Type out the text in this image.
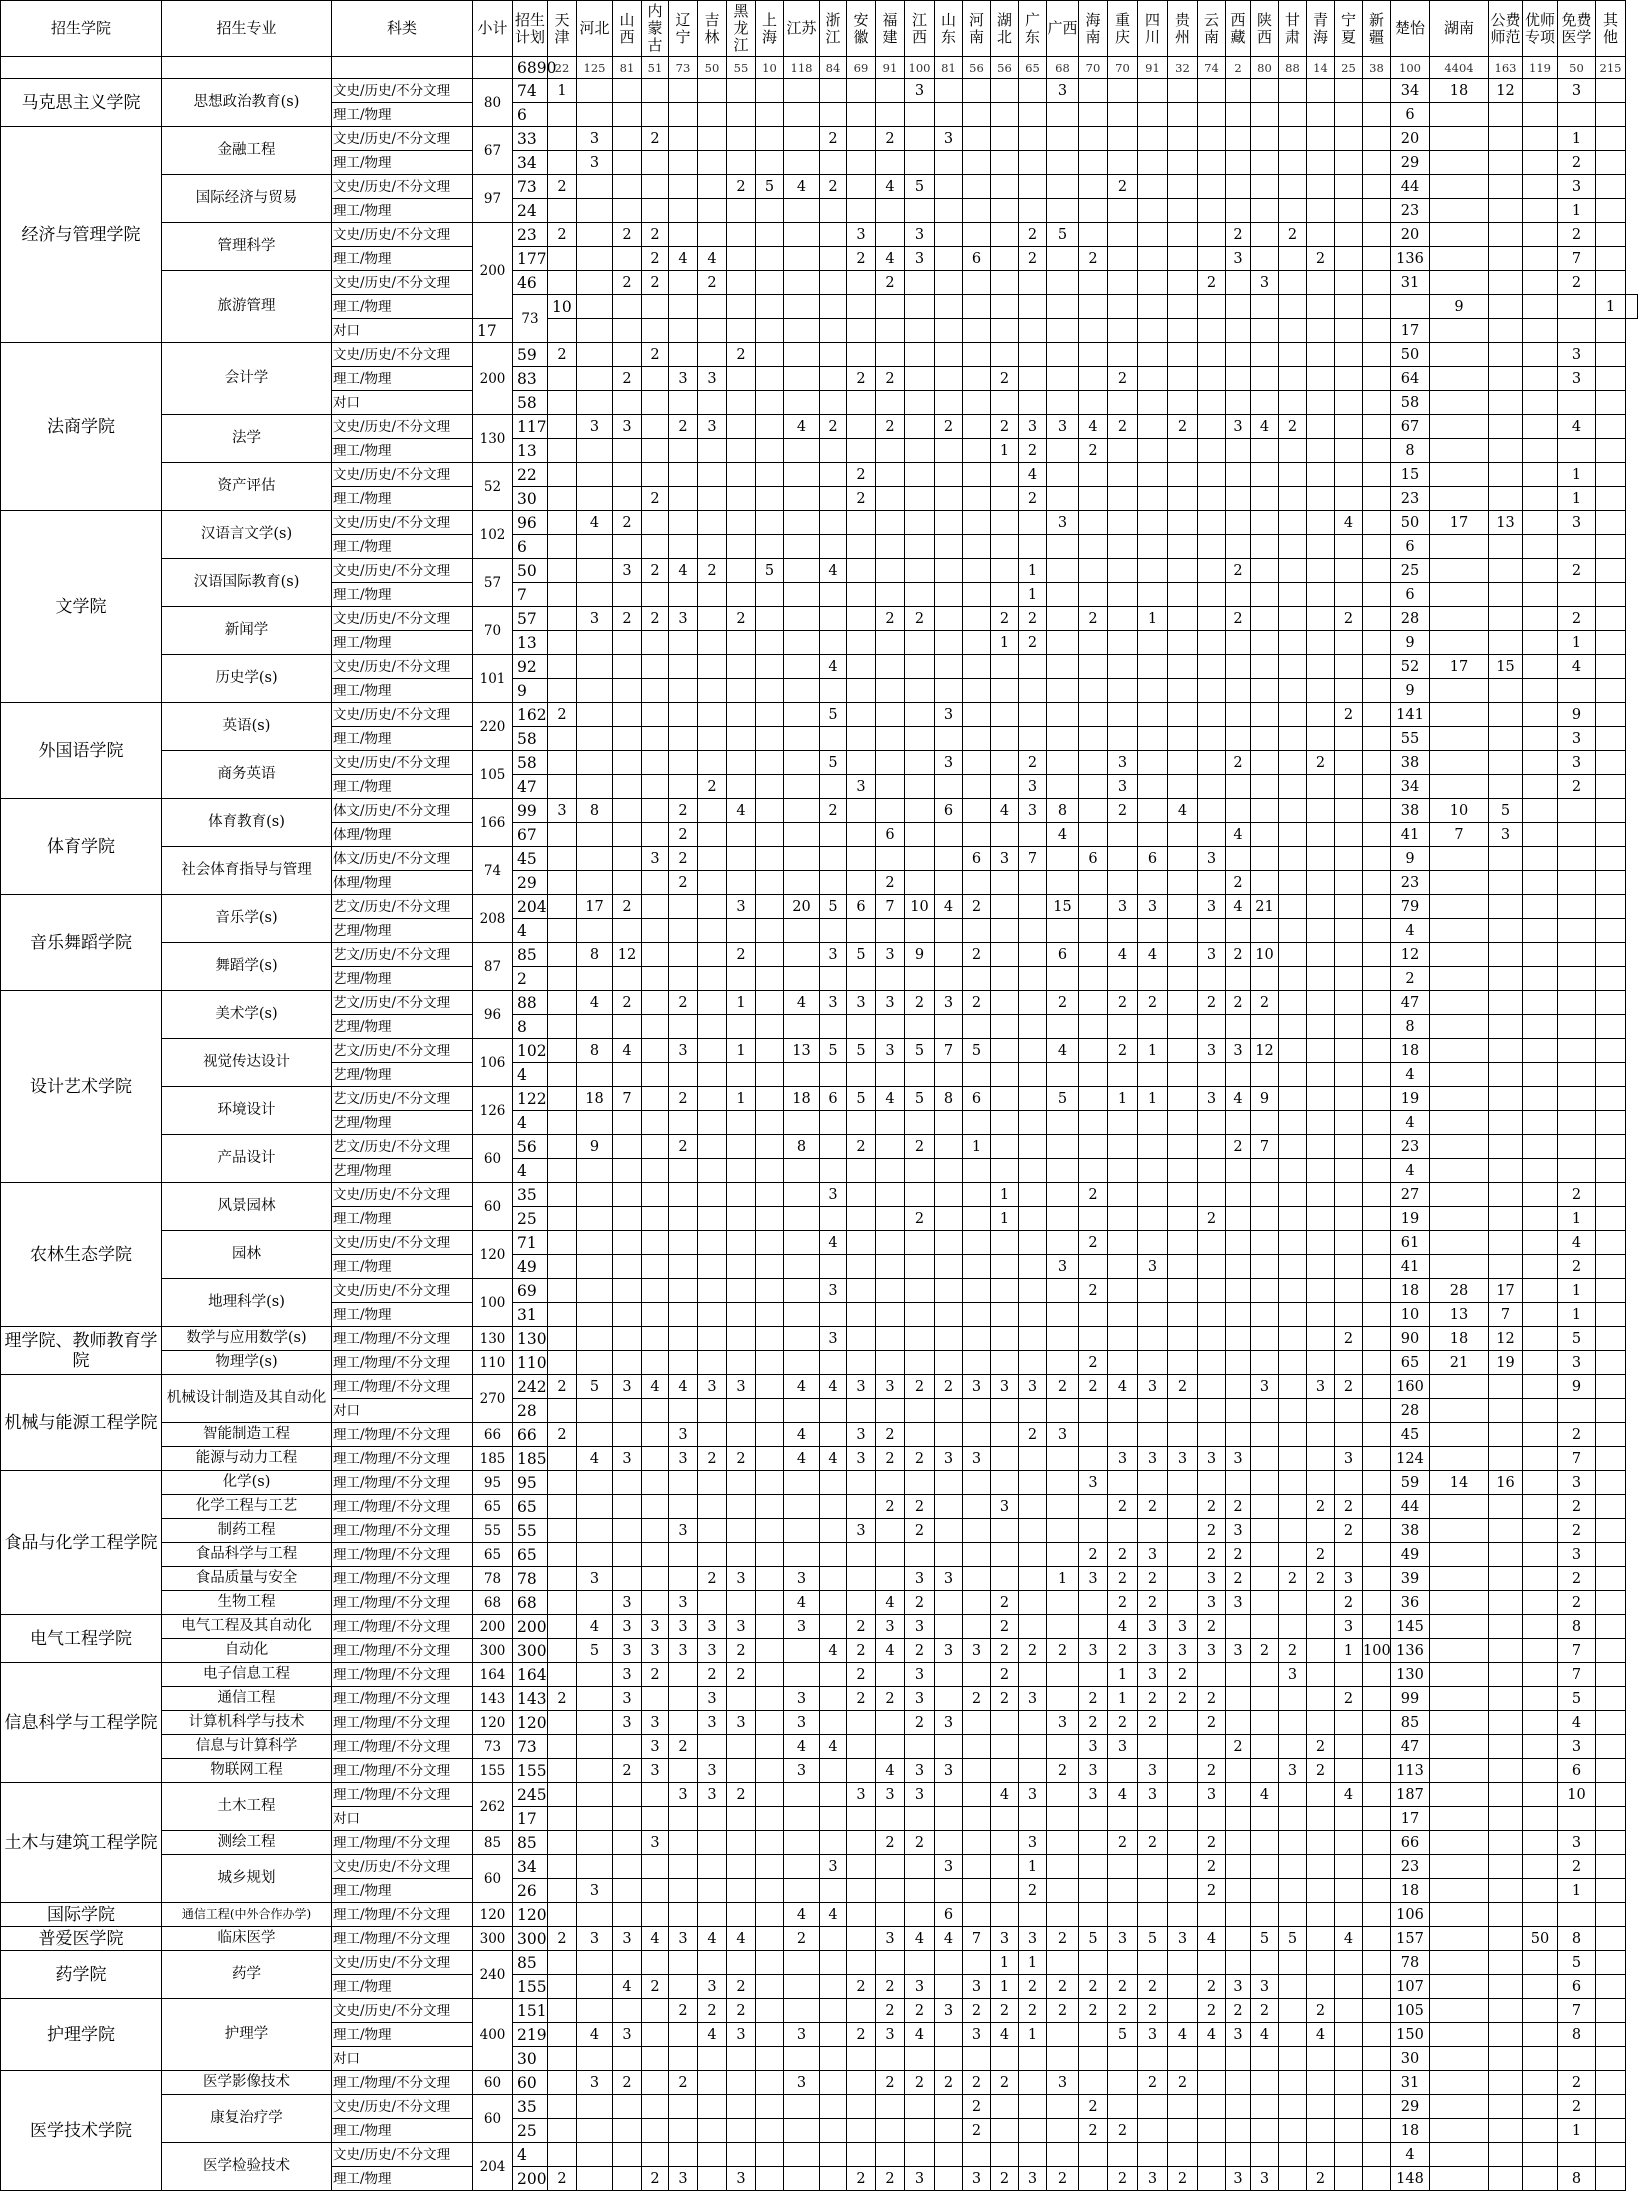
招生学院	招生专业	科类	小计	招生计划	天津	河北	山西	内蒙古	辽宁	吉林	黑龙江	上海	江苏	浙江	安徽	福建	江西	山东	河南	湖北	广东	广西	海南	重庆	四川	贵州	云南	西藏	陕西	甘肃	青海	宁夏	新疆	楚怡	湖南	公费师范	优师专项	免费医学	其他	
				6890	22	125	81	51	73	50	55	10	118	84	69	91	100	81	56	56	65	68	70	70	91	32	74	2	80	88	14	25	38	100	4404	163	119	50	215	
马克思主义学院	思想政治教育(s)	文史/历史/不分文理	80	74	1												3					3												34	18	12		3		
		理工/物理		6																														6						
经济与管理学院	金融工程	文史/历史/不分文理	67	33		3		2						2		2		3																20				1		
		理工/物理		34		3																												29				2		
	国际经济与贸易	文史/历史/不分文理	97	73	2						2	5	4	2		4	5							2										44				3		
		理工/物理		24																														23				1		
	管理科学	文史/历史/不分文理	200	23	2		2	2							3		3				2	5						2		2				20				2		
		理工/物理		177				2	4	4					2	4	3		6		2		2					3			2			136				7		
	旅游管理	文史/历史/不分文理		46			2	2		2						2											2		3					31				2		
		理工/物理		73	10																														9				1	
		对口	17																															17						
法商学院	会计学	文史/历史/不分文理	200	59	2			2			2																							50				3		
		理工/物理		83			2		3	3					2	2				2				2										64				3		
		对口		58																														58						
	法学	文史/历史/不分文理	130	117		3	3		2	3			4	2		2		2		2	3	3	4	2		2		3	4	2				67				4		
		理工/物理		13																1	2		2											8						
	资产评估	文史/历史/不分文理	52	22											2						4													15				1		
		理工/物理		30				2							2						2													23				1		
文学院	汉语言文学(s)	文史/历史/不分文理	102	96		4	2															3										4		50	17	13		3		
		理工/物理		6																														6						
	汉语国际教育(s)	文史/历史/不分文理	57	50			3	2	4	2		5		4							1							2						25				2		
		理工/物理		7																	1													6						
	新闻学	文史/历史/不分文理	70	57		3	2	2	3		2					2	2			2	2		2		1			2				2		28				2		
		理工/物理		13																1	2													9				1		
	历史学(s)	文史/历史/不分文理	101	92										4																				52	17	15		4		
		理工/物理		9																														9						
外国语学院	英语(s)	文史/历史/不分文理	220	162	2									5				3														2		141				9		
		理工/物理		58																														55				3		
	商务英语	文史/历史/不分文理	105	58										5				3			2			3				2			2			38				3		
		理工/物理		47						2					3						3			3										34				2		
体育学院	体育教育(s)	体文/历史/不分文理	166	99	3	8			2		4			2				6		4	3	8		2		4								38	10	5				
		体理/物理		67					2							6						4						4						41	7	3				
	社会体育指导与管理	体文/历史/不分文理	74	45				3	2										6	3	7		6		6		3							9						
		体理/物理		29					2							2												2						23						
音乐舞蹈学院	音乐学(s)	艺文/历史/不分文理	208	204		17	2				3		20	5	6	7	10	4	2			15		3	3		3	4	21					79						
		艺理/物理		4																														4						
	舞蹈学(s)	艺文/历史/不分文理	87	85		8	12				2			3	5	3	9		2			6		4	4		3	2	10					12						
		艺理/物理		2																														2						
设计艺术学院	美术学(s)	艺文/历史/不分文理	96	88		4	2		2		1		4	3	3	3	2	3	2			2		2	2		2	2	2					47						
		艺理/物理		8																														8						
	视觉传达设计	艺文/历史/不分文理	106	102		8	4		3		1		13	5	5	3	5	7	5			4		2	1		3	3	12					18						
		艺理/物理		4																														4						
	环境设计	艺文/历史/不分文理	126	122		18	7		2		1		18	6	5	4	5	8	6			5		1	1		3	4	9					19						
		艺理/物理		4																														4						
	产品设计	艺文/历史/不分文理	60	56		9			2				8		2		2		1									2	7					23						
		艺理/物理		4																														4						
农林生态学院	风景园林	文史/历史/不分文理	60	35										3						1			2											27				2		
		理工/物理		25													2			1							2							19				1		
	园林	文史/历史/不分文理	120	71										4									2											61				4		
		理工/物理		49																		3			3									41				2		
	地理科学(s)	文史/历史/不分文理	100	69										3									2											18	28	17		1		
		理工/物理		31																														10	13	7		1		
理学院、教师教育学院	数学与应用数学(s)	理工/物理/不分文理	130	130										3																		2		90	18	12		5		
	物理学(s)	理工/物理/不分文理	110	110																			2											65	21	19		3		
机械与能源工程学院	机械设计制造及其自动化	理工/物理/不分文理	270	242	2	5	3	4	4	3	3		4	4	3	3	2	2	3	3	3	2	2	4	3	2			3		3	2		160				9		
		对口		28																														28						
	智能制造工程	理工/物理/不分文理	66	66	2				3				4		3	2					2	3												45				2		
	能源与动力工程	理工/物理/不分文理	185	185		4	3		3	2	2		4	4	3	2	2	3	3					3	3	3	3	3				3		124				7		
食品与化学工程学院	化学(s)	理工/物理/不分文理	95	95																			3											59	14	16		3		
	化学工程与工艺	理工/物理/不分文理	65	65												2	2			3				2	2		2	2			2	2		44				2		
	制药工程	理工/物理/不分文理	55	55					3						3		2										2	3				2		38				2		
	食品科学与工程	理工/物理/不分文理	65	65																			2	2	3		2	2			2			49				3		
	食品质量与安全	理工/物理/不分文理	78	78		3				2	3		3				3	3				1	3	2	2		3	2		2	2	3		39				2		
	生物工程	理工/物理/不分文理	68	68			3		3				4			4	2			2				2	2		3	3				2		36				2		
电气工程学院	电气工程及其自动化	理工/物理/不分文理	200	200		4	3	3	3	3	3		3		2	3	3			2				4	3	3	2					3		145				8		
	自动化	理工/物理/不分文理	300	300		5	3	3	3	3	2			4	2	4	2	3	3	2	2	2	3	2	3	3	3	3	2	2		1	100	136				7		
信息科学与工程学院	电子信息工程	理工/物理/不分文理	164	164			3	2		2	2				2		3			2				1	3	2				3				130				7		
	通信工程	理工/物理/不分文理	143	143	2		3			3			3		2	2	3		2	2	3		2	1	2	2	2					2		99				5		
	计算机科学与技术	理工/物理/不分文理	120	120			3	3		3	3		3				2	3				3	2	2	2		2							85				4		
	信息与计算科学	理工/物理/不分文理	73	73				3	2				4	4									3	3				2			2			47				3		
	物联网工程	理工/物理/不分文理	155	155			2	3		3			3			4	3	3				2	3		3		2			3	2			113				6		
土木与建筑工程学院	土木工程	理工/物理/不分文理	262	245					3	3	2				3	3	3			4	3		3	4	3		3		4			4		187				10		
		对口		17																														17						
	测绘工程	理工/物理/不分文理	85	85				3								2	2				3			2	2		2							66				3		
	城乡规划	文史/历史/不分文理	60	34										3				3			1						2							23				2		
		理工/物理		26		3															2						2							18				1		
国际学院	通信工程(中外合作办学)	理工/物理/不分文理	120	120									4	4				6																106						
普爱医学院	临床医学	理工/物理/不分文理	300	300	2	3	3	4	3	4	4		2			3	4	4	7	3	3	2	5	3	5	3	4		5	5		4		157			50	8		
药学院	药学	文史/历史/不分文理	240	85																1	1													78				5		
		理工/物理		155			4	2		3	2				2	2	3		3	1	2	2	2	2	2		2	3	3					107				6		
护理学院	护理学	文史/历史/不分文理	400	151					2	2	2					2	2	3	2	2	2	2	2	2	2		2	2	2		2			105				7		
		理工/物理		219		4	3			4	3		3		2	3	4		3	4	1			5	3	4	4	3	4		4			150				8		
		对口		30																														30						
医学技术学院	医学影像技术	理工/物理/不分文理	60	60		3	2		2				3			2	2	2	2	2		3			2	2								31				2		
	康复治疗学	文史/历史/不分文理	60	35															2				2											29				2		
		理工/物理		25															2				2	2										18				1		
	医学检验技术	文史/历史/不分文理	204	4																														4						
		理工/物理		200	2			2	3		3				2	2	3		3	2	3	2		2	3	2		3	3		2			148				8		
